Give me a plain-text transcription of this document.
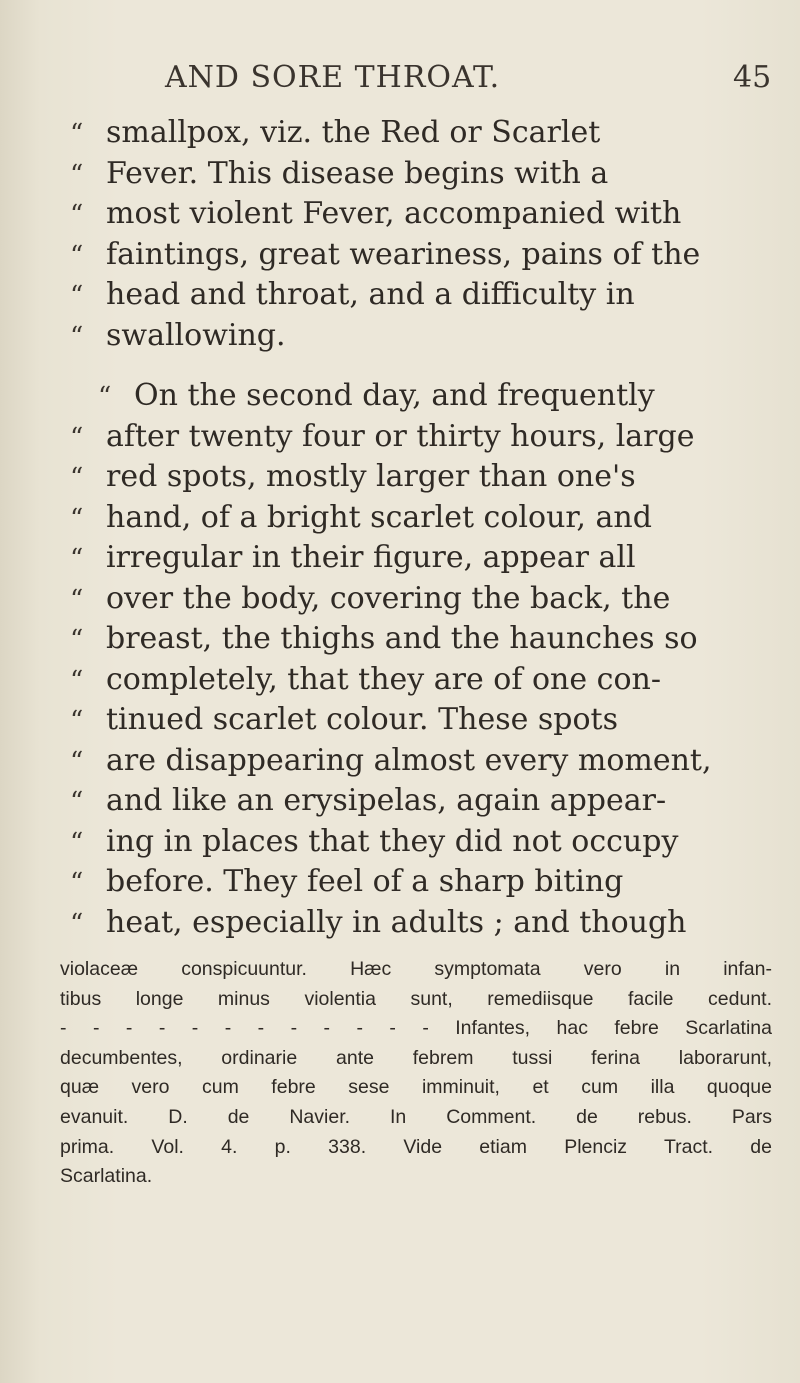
AND SORE THROAT.	45
“ smallpox, viz. the Red or Scarlet
“ Fever. This disease begins with a
“ most violent Fever, accompanied with
“ faintings, great weariness, pains of the
“ head and throat, and a difficulty in
“ swallowing.
“ On the second day, and frequently
“ after twenty four or thirty hours, large
“ red spots, mostly larger than one's
“ hand, of a bright scarlet colour, and
“ irregular in their figure, appear all
“ over the body, covering the back, the
“ breast, the thighs and the haunches so
“ completely, that they are of one con-
“ tinued scarlet colour. These spots
“ are disappearing almost every moment,
“ and like an erysipelas, again appear-
“ ing in places that they did not occupy
“ before. They feel of a sharp biting
“ heat, especially in adults ; and though
violaceæ conspicuuntur. Hæc symptomata vero in infan-
tibus longe minus violentia sunt, remediisque facile cedunt.
- - - - - - - - - - - - Infantes, hac febre Scarlatina
decumbentes, ordinarie ante febrem tussi ferina laborarunt,
quæ vero cum febre sese imminuit, et cum illa quoque
evanuit. D. de Navier. In Comment. de rebus. Pars
prima. Vol. 4. p. 338. Vide etiam Plenciz Tract. de
Scarlatina.
